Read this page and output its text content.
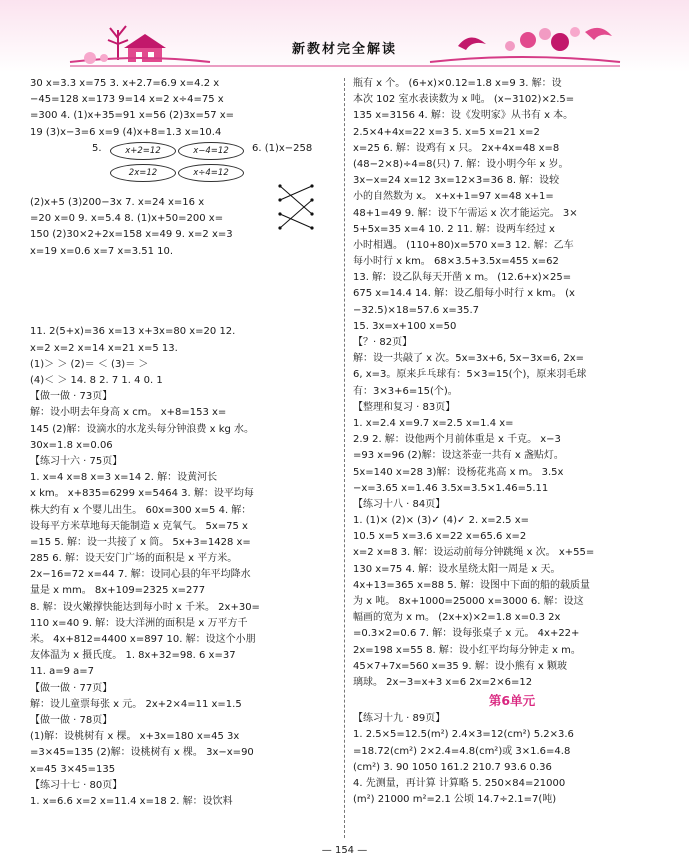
新教材完全解读
30 x=3.3 x=75 3. x+2.7=6.9 x=4.2 x
−45=128 x=173 9=14 x=2 x÷4=75 x
=300 4. (1)x+35=91 x=56 (2)3x=57 x=
19 (3)x−3=6 x=9 (4)x+8=1.3 x=10.4
5.	x+2=12	x−4=12	6. (1)x−258
2x=12	x÷4=12
(2)x+5 (3)200−3x 7. x=24 x=16 x
=20 x=0 9. x=5.4 8. (1)x+50=200 x=
150 (2)30×2+2x=158 x=49 9. x=2 x=3
x=19 x=0.6 x=7 x=3.51 10.
11. 2(5+x)=36 x=13 x+3x=80 x=20 12.
x=2 x=2 x=14 x=21 x=5 13.
(1)＞ ＞ (2)＝ ＜ (3)＝ ＞
(4)＜ ＞ 14. 8 2. 7 1. 4 0. 1
【做一做 · 73页】
解：设小明去年身高 x cm。 x+8=153 x=
145 (2)解：设滴水的水龙头每分钟浪费 x kg 水。
30x=1.8 x=0.06
【练习十六 · 75页】
1. x=4 x=8 x=3 x=14 2. 解：设黄河长
x km。 x+835=6299 x=5464 3. 解：设平均每
株大约有 x 个婴儿出生。 60x=300 x=5 4. 解：
设每平方米草地每天能制造 x 克氧气。 5x=75 x
=15 5. 解：设一共接了 x 筒。 5x+3=1428 x=
285 6. 解：设天安门广场的面积是 x 平方米。
2x−16=72 x=44 7. 解：设同心县的年平均降水
量是 x mm。 8x+109=2325 x=277
8. 解：设火嫩撑快能达到每小时 x 千米。 2x+30=
110 x=40 9. 解：设大洋洲的面积是 x 万平方千
米。 4x+812=4400 x=897 10. 解：设这个小朋
友体温为 x 摄氏度。 1. 8x+32=98. 6 x=37
11. a=9 a=7
【做一做 · 77页】
解：设儿童票每张 x 元。 2x+2×4=11 x=1.5
【做一做 · 78页】
(1)解：设桃树有 x 棵。 x+3x=180 x=45 3x
=3×45=135 (2)解：设桃树有 x 棵。 3x−x=90
x=45 3×45=135
【练习十七 · 80页】
1. x=6.6 x=2 x=11.4 x=18 2. 解：设饮料
瓶有 x 个。 (6+x)×0.12=1.8 x=9 3. 解：设
本次 102 室水表读数为 x 吨。 (x−3102)×2.5=
135 x=3156 4. 解：设《发明家》从书有 x 本。
2.5×4+4x=22 x=3 5. x=5 x=21 x=2
x=25 6. 解：设鸡有 x 只。 2x+4x=48 x=8
(48−2×8)÷4=8(只) 7. 解：设小明今年 x 岁。
3x−x=24 x=12 3x=12×3=36 8. 解：设较
小的自然数为 x。 x+x+1=97 x=48 x+1=
48+1=49 9. 解：设下午需运 x 次才能运完。 3×
5+5x=35 x=4 10. 2 11. 解：设两车经过 x
小时相遇。 (110+80)x=570 x=3 12. 解：乙车
每小时行 x km。 68×3.5+3.5x=455 x=62
13. 解：设乙队每天开凿 x m。 (12.6+x)×25=
675 x=14.4 14. 解：设乙船每小时行 x km。 (x
−32.5)×18=57.6 x=35.7
15. 3x=x+100 x=50
【？· 82页】
解：设一共敲了 x 次。5x=3x+6, 5x−3x=6, 2x=
6, x=3。原来乒乓球有：5×3=15(个)，原来羽毛球
有：3×3+6=15(个)。
【整理和复习 · 83页】
1. x=2.4 x=9.7 x=2.5 x=1.4 x=
2.9 2. 解：设他两个月前体重是 x 千克。 x−3
=93 x=96 (2)解：设这茶壶一共有 x 盏贴灯。
5x=140 x=28 3)解：设杨花兆高 x m。 3.5x
−x=3.65 x=1.46 3.5x=3.5×1.46=5.11
【练习十八 · 84页】
1. (1)× (2)× (3)✓ (4)✓ 2. x=2.5 x=
10.5 x=5 x=3.6 x=22 x=65.6 x=2
x=2 x=8 3. 解：设运动前每分钟跳绳 x 次。 x+55=
130 x=75 4. 解：设水星绕太阳一周是 x 天。
4x+13=365 x=88 5. 解：设图中下面的船的载质量
为 x 吨。 8x+1000=25000 x=3000 6. 解：设这
幅画的宽为 x m。 (2x+x)×2=1.8 x=0.3 2x
=0.3×2=0.6 7. 解：设每张桌子 x 元。 4x+22+
2x=198 x=55 8. 解：设小红平均每分钟走 x m。
45×7+7x=560 x=35 9. 解：设小熊有 x 颗玻
璃球。 2x−3=x+3 x=6 2x=2×6=12
第6单元
【练习十九 · 89页】
1. 2.5×5=12.5(m²) 2.4×3=12(cm²) 5.2×3.6
=18.72(cm²) 2×2.4=4.8(cm²)或 3×1.6=4.8
(cm²) 3. 90 1050 161.2 210.7 93.6 0.36
4. 先测量，再计算 计算略 5. 250×84=21000
(m²) 21000 m²=2.1 公顷 14.7÷2.1=7(吨)
— 154 —
